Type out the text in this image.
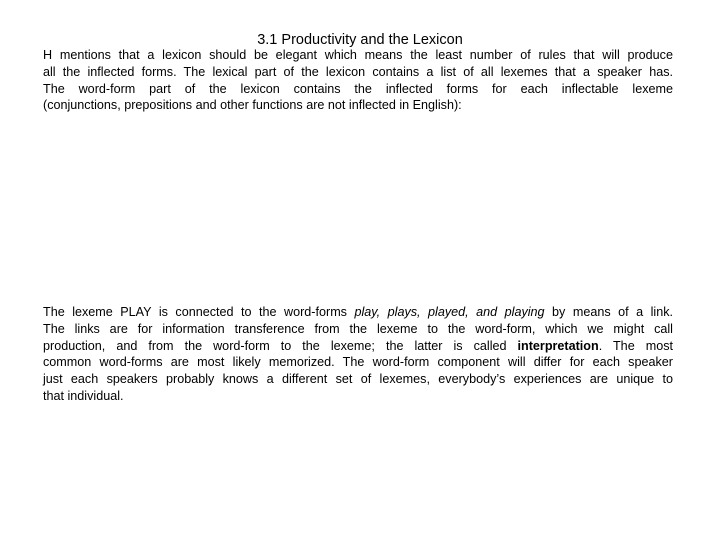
3.1 Productivity and the Lexicon

H mentions that a lexicon should be elegant which means the least number of rules that will produce
all the inflected forms. The lexical part of the lexicon contains a list of all lexemes that a speaker has.
The word-form part of the lexicon contains the inflected forms for each inflectable lexeme
(conjunctions, prepositions and other functions are not inflected in English):

The lexeme PLAY is connected to the word-forms play, plays, played, and playing by means of a link.
The links are for information transference from the lexeme to the word-form, which we might call
production, and from the word-form to the lexeme; the latter is called interpretation. The most
common word-forms are most likely memorized. The word-form component will differ for each speaker
just each speakers probably knows a different set of lexemes, everybody’s experiences are unique to
that individual.
